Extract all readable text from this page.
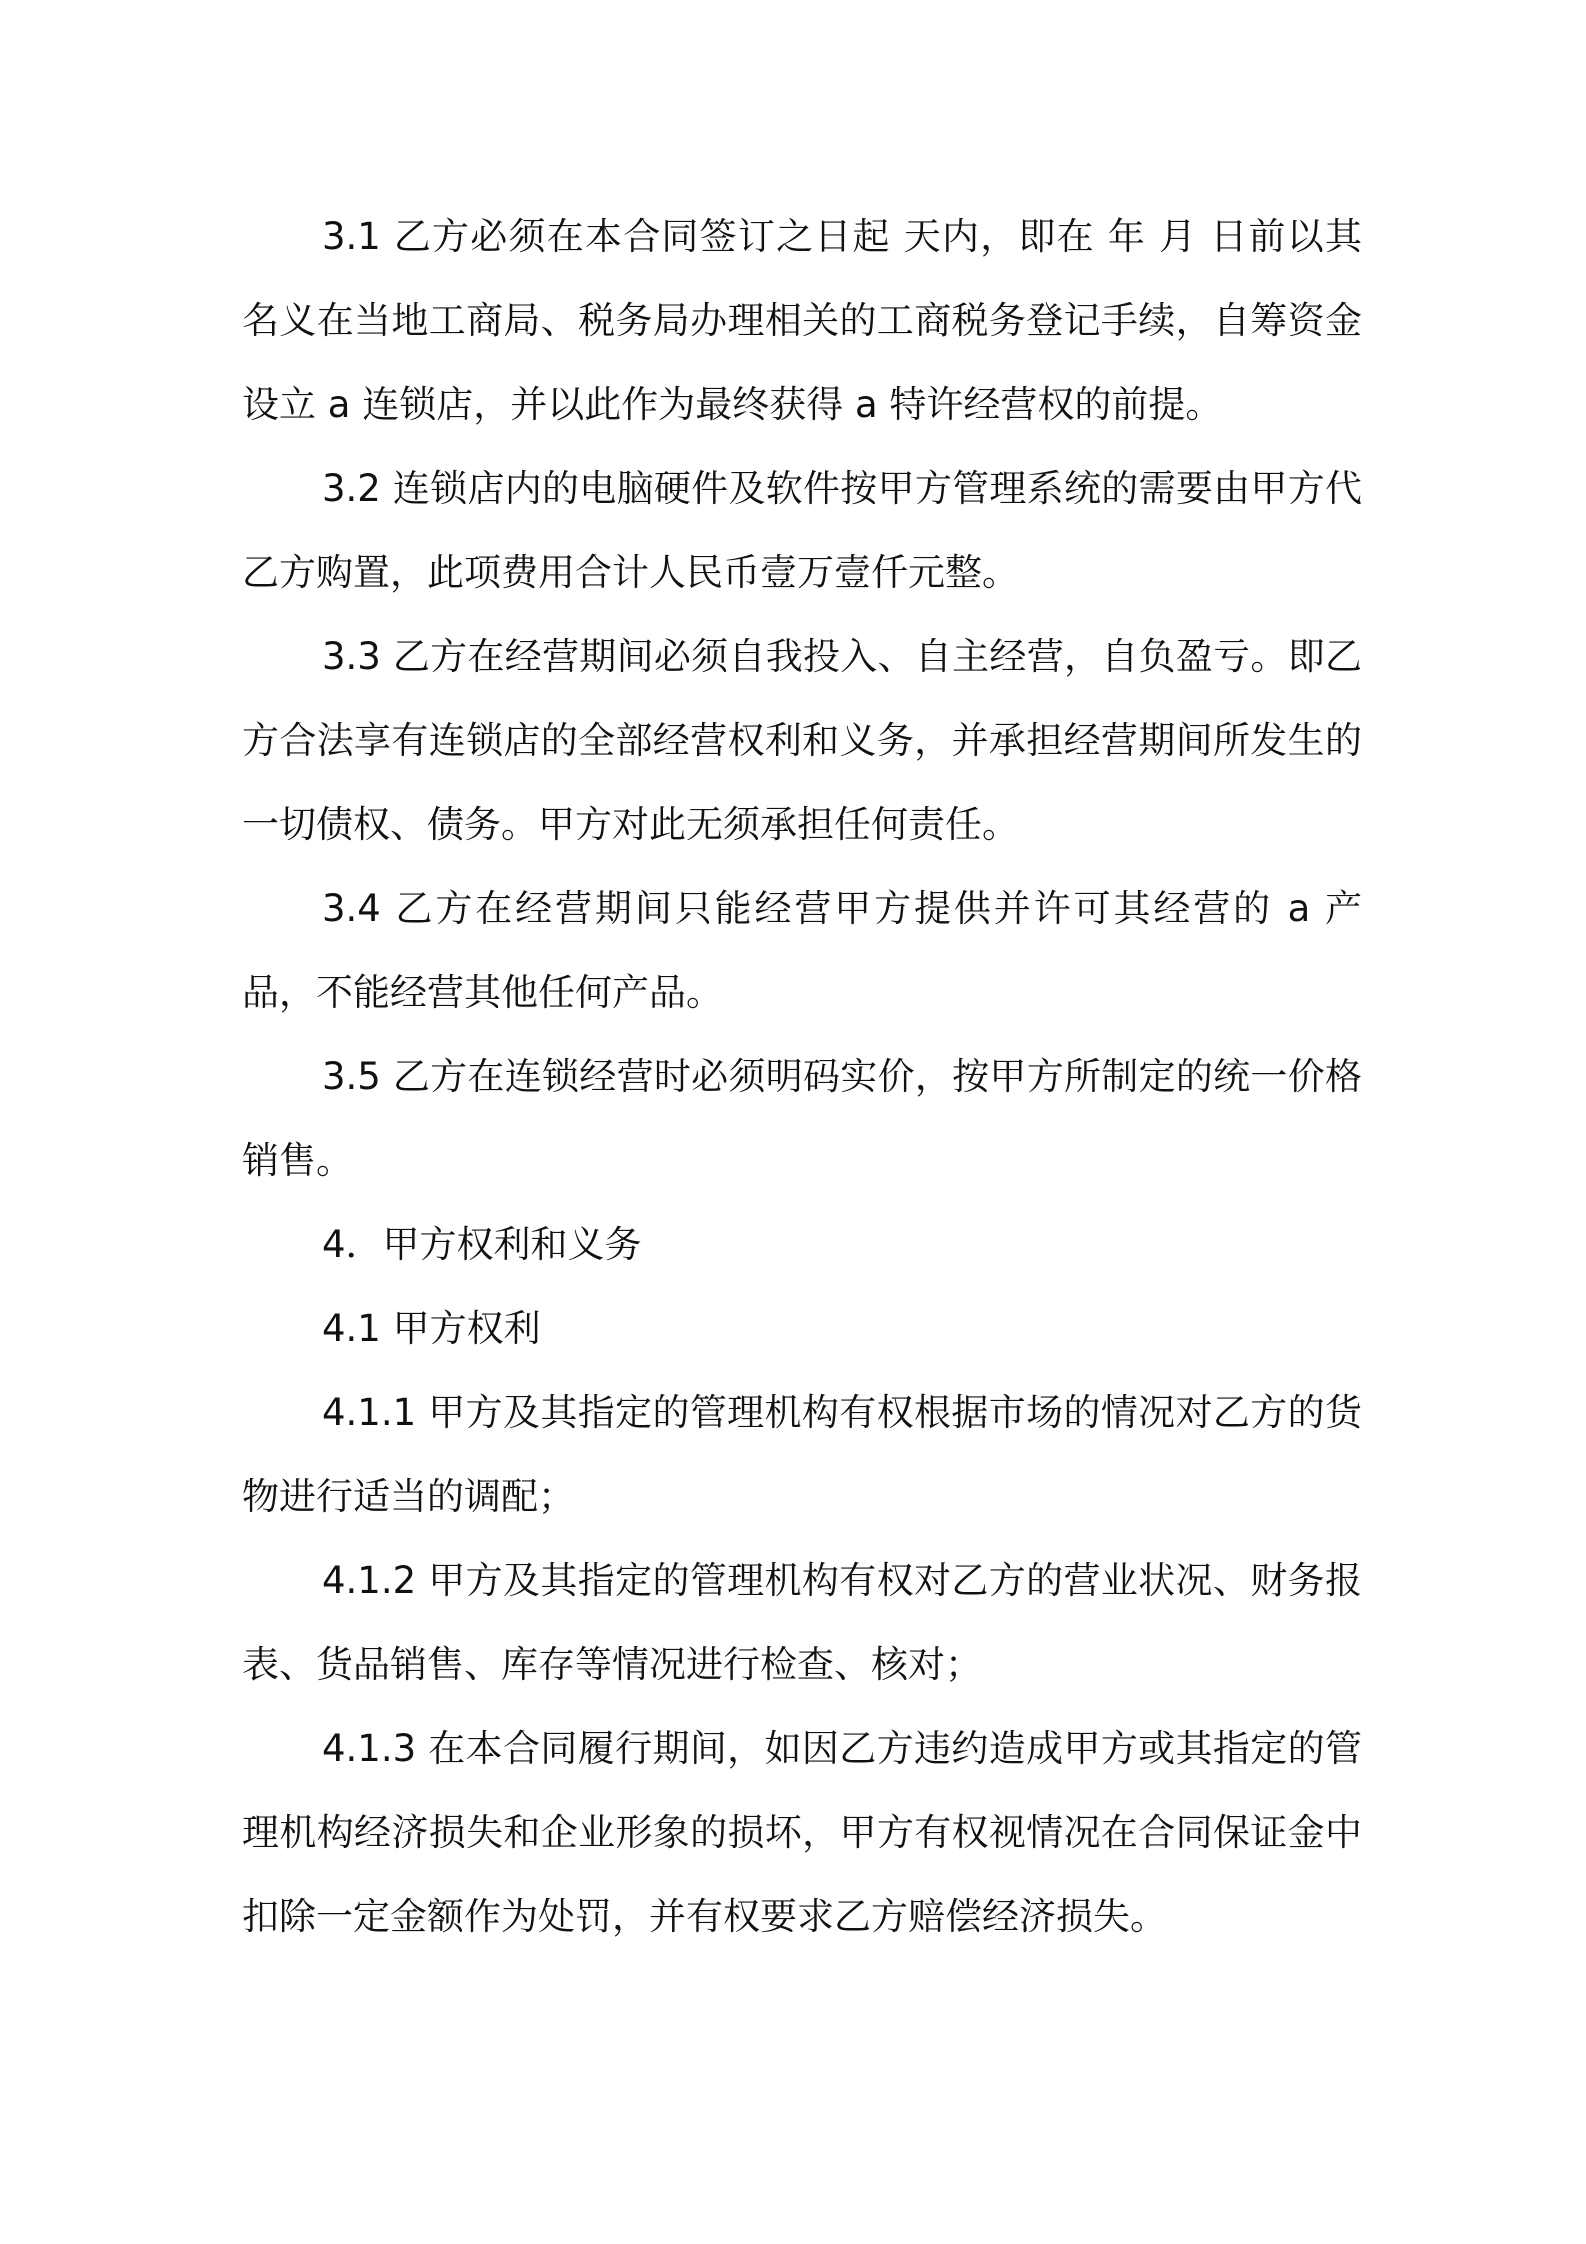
3.1 乙方必须在本合同签订之日起 天内，即在 年 月 日前以其名义在当地工商局、税务局办理相关的工商税务登记手续，自筹资金设立 a 连锁店，并以此作为最终获得 a 特许经营权的前提。

3.2 连锁店内的电脑硬件及软件按甲方管理系统的需要由甲方代乙方购置，此项费用合计人民币壹万壹仟元整。

3.3 乙方在经营期间必须自我投入、自主经营，自负盈亏。即乙方合法享有连锁店的全部经营权利和义务，并承担经营期间所发生的一切债权、债务。甲方对此无须承担任何责任。

3.4 乙方在经营期间只能经营甲方提供并许可其经营的 a 产品，不能经营其他任何产品。

3.5 乙方在连锁经营时必须明码实价，按甲方所制定的统一价格销售。

4．甲方权利和义务

4.1 甲方权利

4.1.1 甲方及其指定的管理机构有权根据市场的情况对乙方的货物进行适当的调配；

4.1.2 甲方及其指定的管理机构有权对乙方的营业状况、财务报表、货品销售、库存等情况进行检查、核对；

4.1.3 在本合同履行期间，如因乙方违约造成甲方或其指定的管理机构经济损失和企业形象的损坏，甲方有权视情况在合同保证金中扣除一定金额作为处罚，并有权要求乙方赔偿经济损失。
